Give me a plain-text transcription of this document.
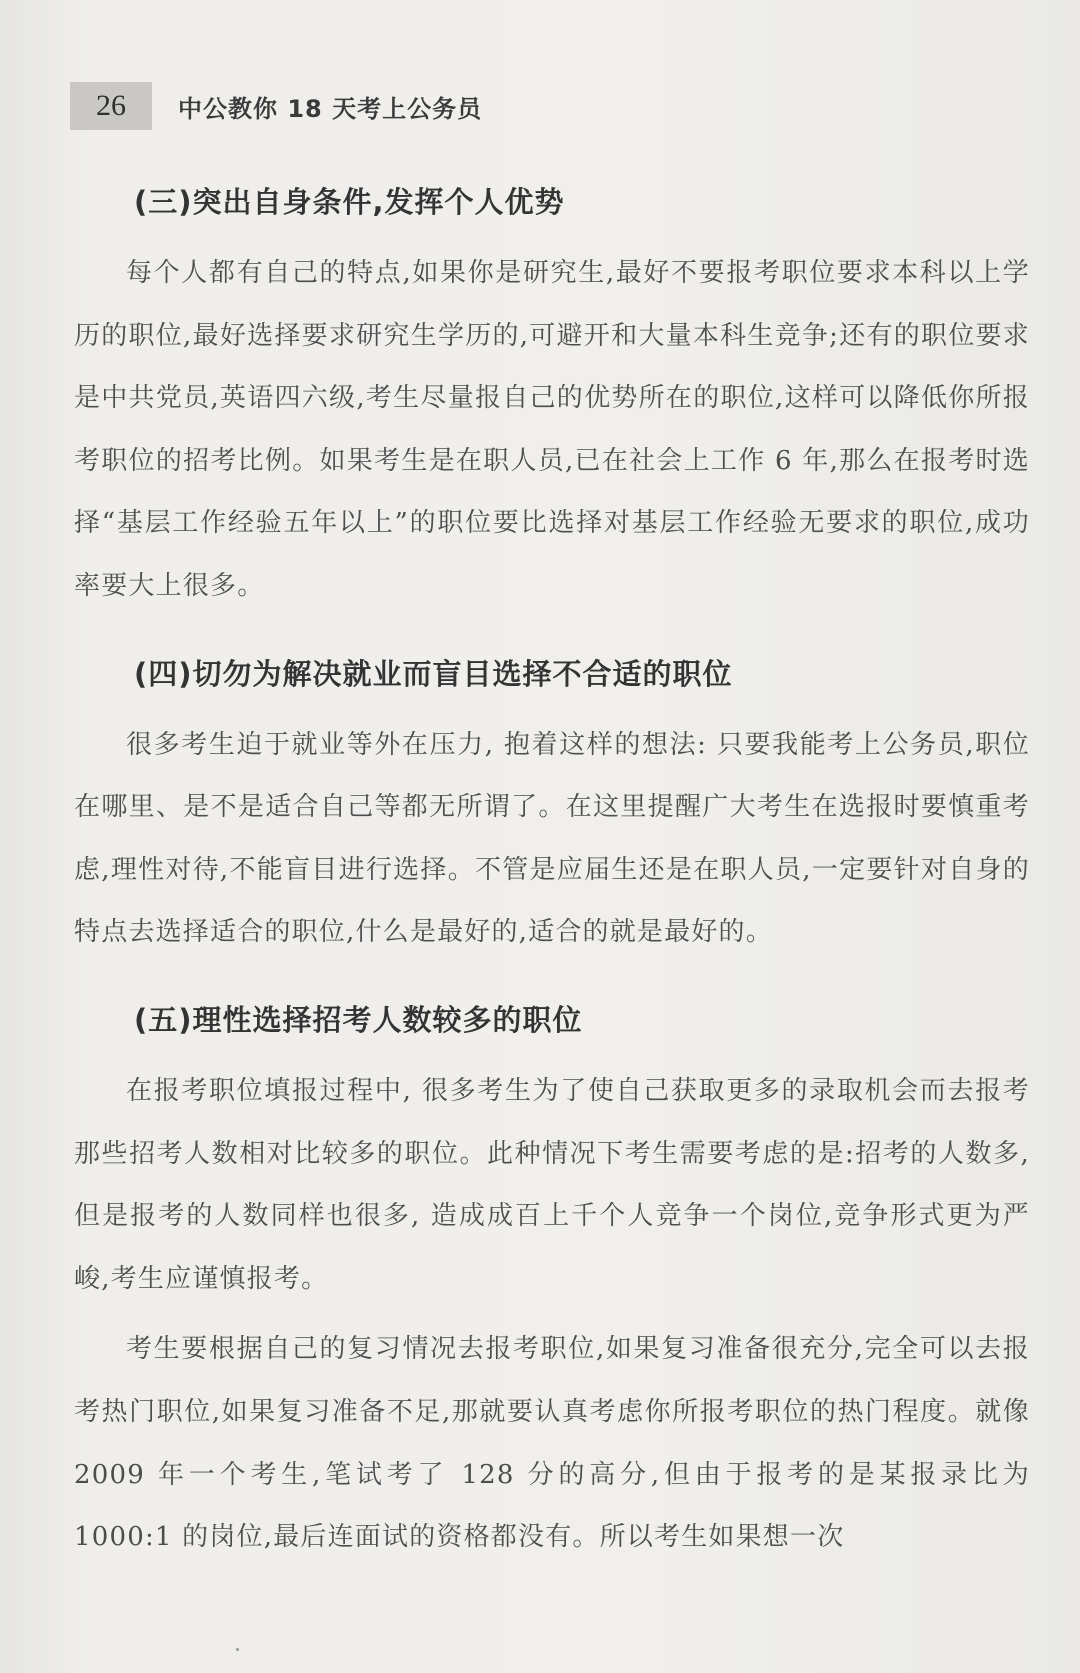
26	中公教你 18 天考上公务员
(三)突出自身条件,发挥个人优势

每个人都有自己的特点,如果你是研究生,最好不要报考职位要求本科以上学历的职位,最好选择要求研究生学历的,可避开和大量本科生竞争;还有的职位要求是中共党员,英语四六级,考生尽量报自己的优势所在的职位,这样可以降低你所报考职位的招考比例。如果考生是在职人员,已在社会上工作 6 年,那么在报考时选择“基层工作经验五年以上”的职位要比选择对基层工作经验无要求的职位,成功率要大上很多。

(四)切勿为解决就业而盲目选择不合适的职位

很多考生迫于就业等外在压力, 抱着这样的想法: 只要我能考上公务员,职位在哪里、是不是适合自己等都无所谓了。在这里提醒广大考生在选报时要慎重考虑,理性对待,不能盲目进行选择。不管是应届生还是在职人员,一定要针对自身的特点去选择适合的职位,什么是最好的,适合的就是最好的。

(五)理性选择招考人数较多的职位

在报考职位填报过程中, 很多考生为了使自己获取更多的录取机会而去报考那些招考人数相对比较多的职位。此种情况下考生需要考虑的是:招考的人数多, 但是报考的人数同样也很多, 造成成百上千个人竞争一个岗位,竞争形式更为严峻,考生应谨慎报考。

考生要根据自己的复习情况去报考职位,如果复习准备很充分,完全可以去报考热门职位,如果复习准备不足,那就要认真考虑你所报考职位的热门程度。就像 2009 年一个考生,笔试考了 128 分的高分,但由于报考的是某报录比为 1000:1 的岗位,最后连面试的资格都没有。所以考生如果想一次
